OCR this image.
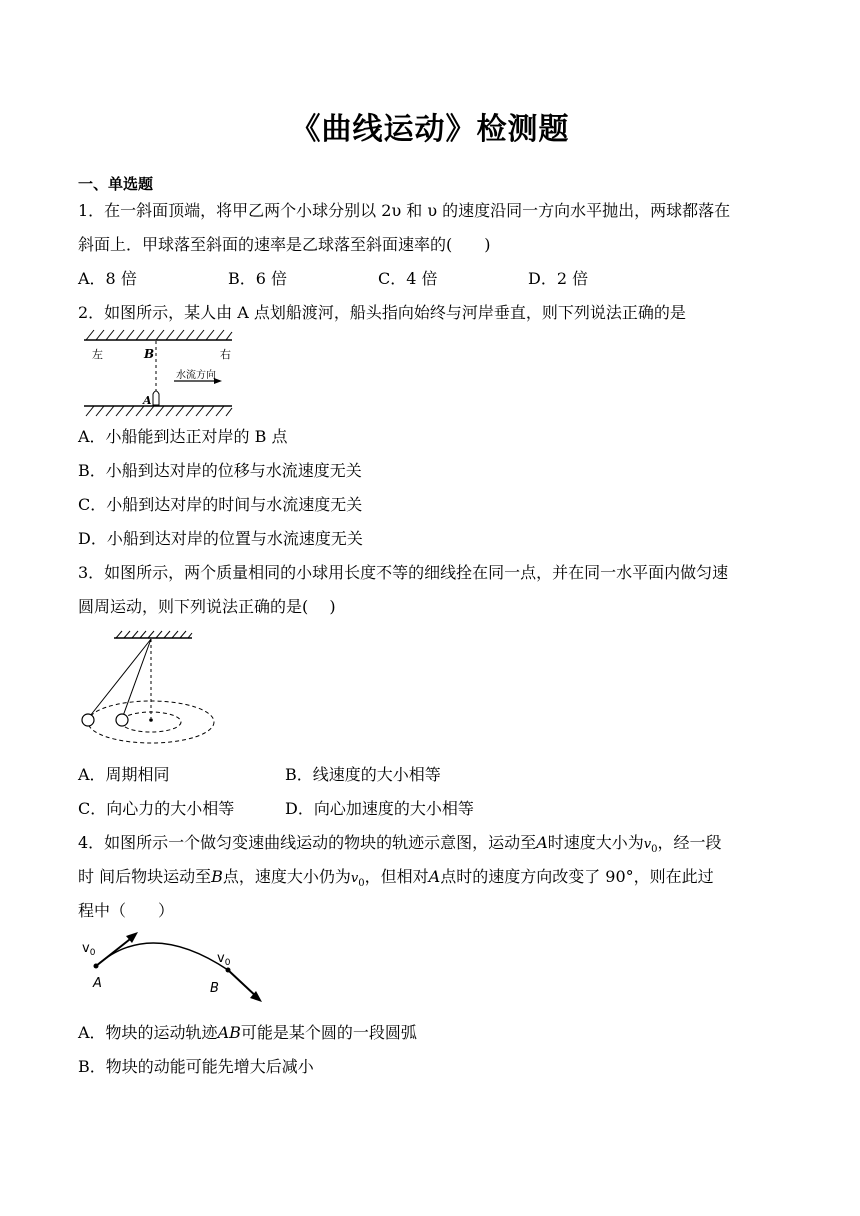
《曲线运动》检测题
一、单选题
1．在一斜面顶端，将甲乙两个小球分别以 2υ 和 υ 的速度沿同一方向水平抛出，两球都落在
斜面上．甲球落至斜面的速率是乙球落至斜面速率的(　　)
A．8 倍	B．6 倍	C．4 倍	D．2 倍
2．如图所示，某人由 A 点划船渡河，船头指向始终与河岸垂直，则下列说法正确的是
左	B	右
水流方向
A
A．小船能到达正对岸的 B 点
B．小船到达对岸的位移与水流速度无关
C．小船到达对岸的时间与水流速度无关
D．小船到达对岸的位置与水流速度无关
3．如图所示，两个质量相同的小球用长度不等的细线拴在同一点，并在同一水平面内做匀速
圆周运动，则下列说法正确的是(　 )
A．周期相同	B．线速度的大小相等
C．向心力的大小相等	D．向心加速度的大小相等
4．如图所示一个做匀变速曲线运动的物块的轨迹示意图，运动至A时速度大小为$v_0$，经一段
时 间后物块运动至B点，速度大小仍为$v_0$，但相对A点时的速度方向改变了 90°，则在此过
程中（　　）
$v_0$	$v_0$
A	B
A．物块的运动轨迹AB可能是某个圆的一段圆弧
B．物块的动能可能先增大后减小
